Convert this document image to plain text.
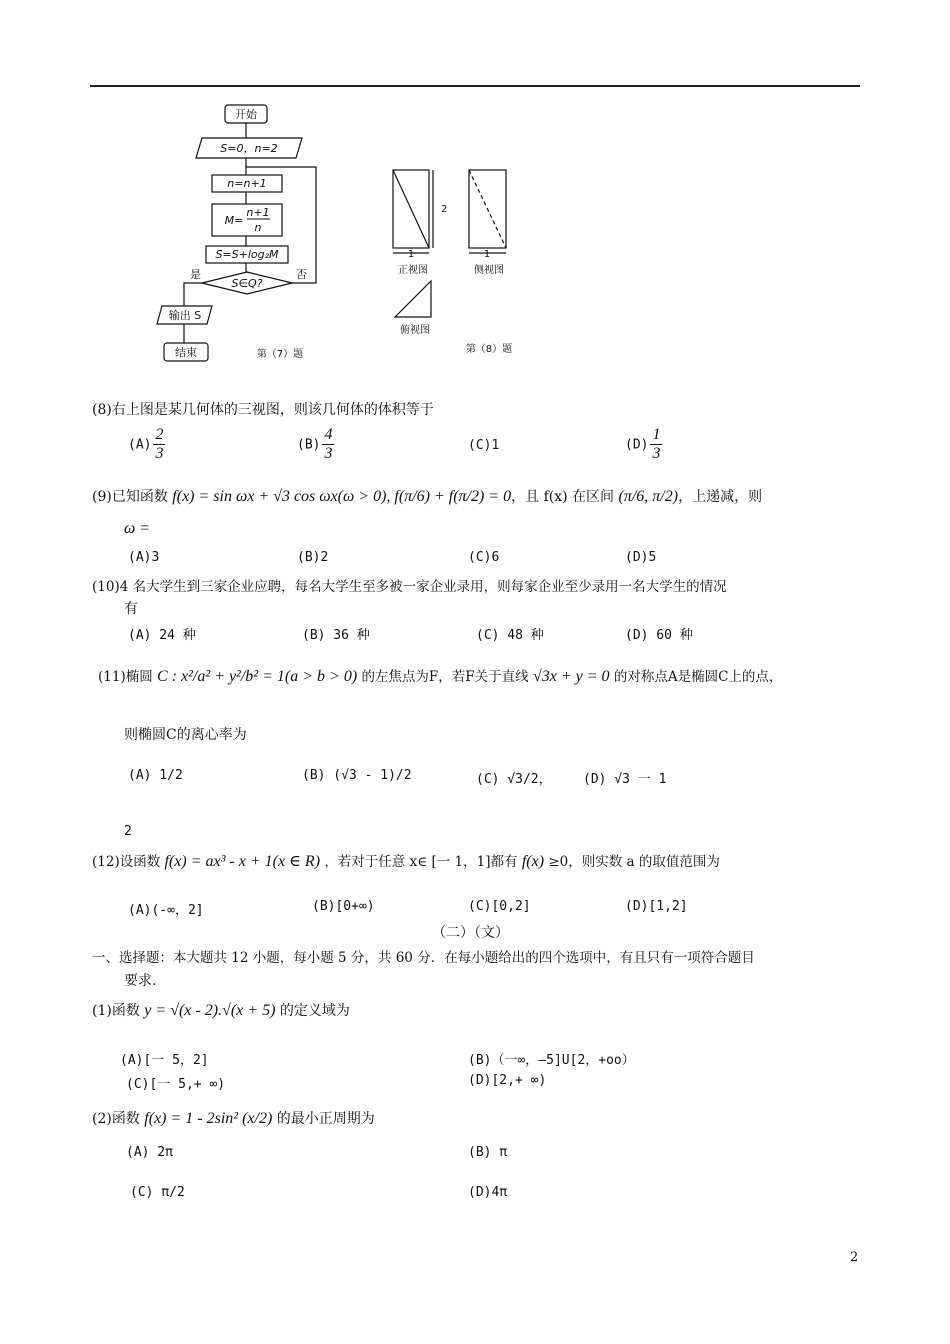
开始
S=0，n=2
n=n+1
M=
n+1
n
S=S+log₂M
S∈Q?
是	否
输出 S
结束	第（7）题
2
1	1
正视图	侧视图
俯视图
第（8）题
(8)右上图是某几何体的三视图，则该几何体的体积等于
$(A) \frac{2}{3}$	$(B) \frac{4}{3}$	(C)1	$(D) \frac{1}{3}$
(9)已知函数 f(x) = sin ωx + √3 cos ωx(ω > 0), f(π/6) + f(π/2) = 0，且 f(x) 在区间 (π/6, π/2)，上递减，则
ω =
(A)3	(B)2	(C)6	(D)5
(10)4 名大学生到三家企业应聘，每名大学生至多被一家企业录用，则每家企业至少录用一名大学生的情况
有
(A) 24 种	(B) 36 种	(C) 48 种	(D) 60 种
(11)椭圆 C : x²/a² + y²/b² = 1(a > b > 0) 的左焦点为F，若F关于直线 √3x + y = 0 的对称点A是椭圆C上的点，
则椭圆C的离心率为
(A) 1/2	(B) (√3 - 1)/2	(C) √3/2， (D) √3 一 1
2
(12)设函数 f(x) = ax³ - x + 1(x ∈ R) ，若对于任意 x∈ [一 1，1]都有 f(x) ≥0，则实数 a 的取值范围为
(A)(-∞，2]	(B)[0+∞)	(C)[0,2]	(D)[1,2]
（二）（文）
一、选择题：本大题共 12 小题，每小题 5 分，共 60 分．在每小题给出的四个选项中，有且只有一项符合题目
要求.
(1)函数 y = √(x - 2).√(x + 5) 的定义域为
(A)[一 5，2]	(B)（一∞，—5]U[2，+oo）
(C)[一 5,+ ∞)	(D)[2,+ ∞)
(2)函数 f(x) = 1 - 2sin² (x/2) 的最小正周期为
(A) 2π	(B) π
(C) π/2	(D)4π
2
